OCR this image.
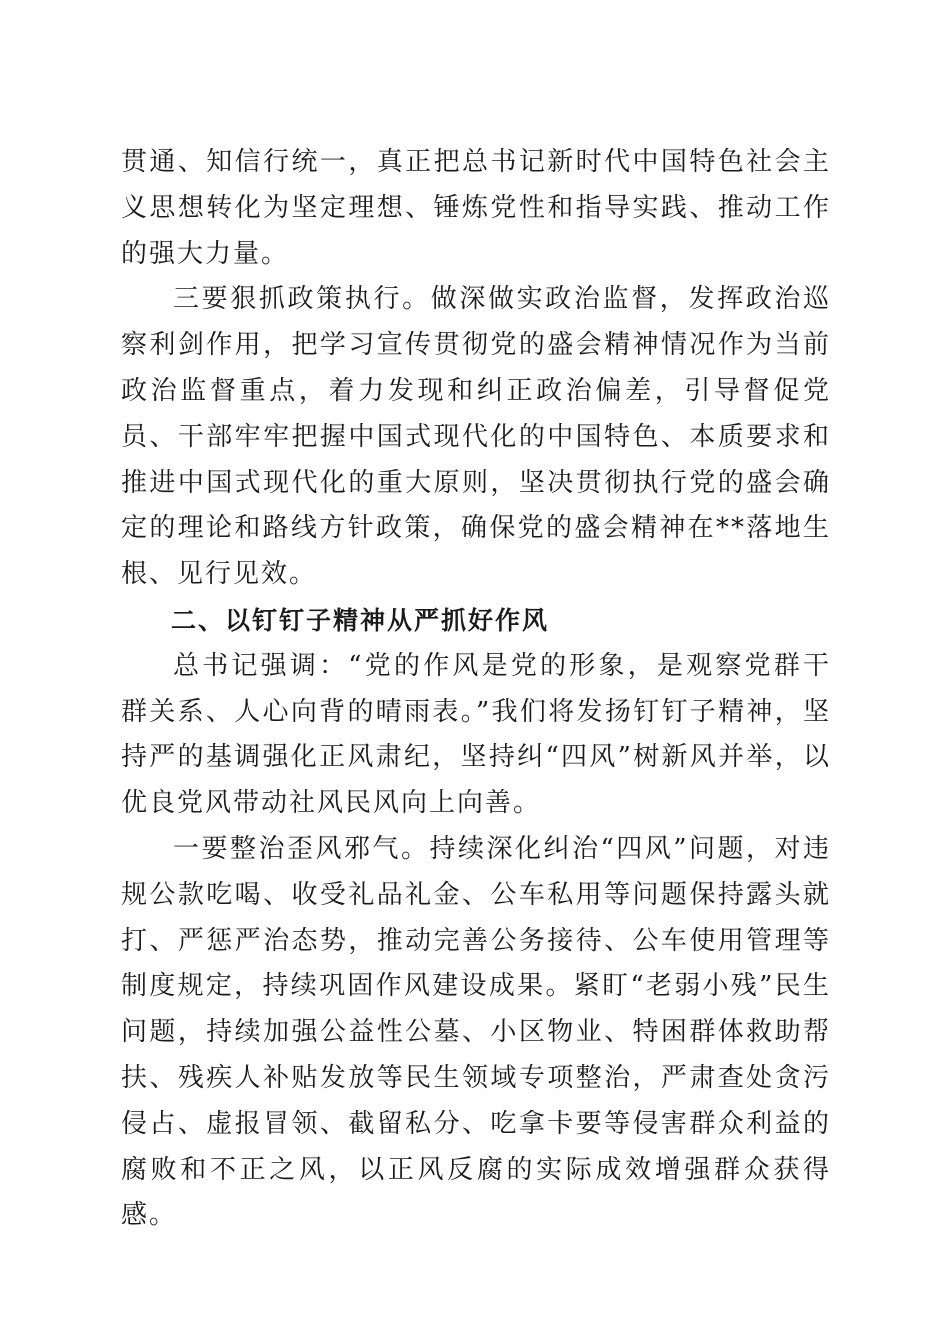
贯通、知信行统一，真正把总书记新时代中国特色社会主义思想转化为坚定理想、锤炼党性和指导实践、推动工作的强大力量。

三要狠抓政策执行。做深做实政治监督，发挥政治巡察利剑作用，把学习宣传贯彻党的盛会精神情况作为当前政治监督重点，着力发现和纠正政治偏差，引导督促党员、干部牢牢把握中国式现代化的中国特色、本质要求和推进中国式现代化的重大原则，坚决贯彻执行党的盛会确定的理论和路线方针政策，确保党的盛会精神在**落地生根、见行见效。

二、以钉钉子精神从严抓好作风

总书记强调：“党的作风是党的形象，是观察党群干群关系、人心向背的晴雨表。”我们将发扬钉钉子精神，坚持严的基调强化正风肃纪，坚持纠“四风”树新风并举，以优良党风带动社风民风向上向善。

一要整治歪风邪气。持续深化纠治“四风”问题，对违规公款吃喝、收受礼品礼金、公车私用等问题保持露头就打、严惩严治态势，推动完善公务接待、公车使用管理等制度规定，持续巩固作风建设成果。紧盯“老弱小残”民生问题，持续加强公益性公墓、小区物业、特困群体救助帮扶、残疾人补贴发放等民生领域专项整治，严肃查处贪污侵占、虚报冒领、截留私分、吃拿卡要等侵害群众利益的腐败和不正之风，以正风反腐的实际成效增强群众获得感。
